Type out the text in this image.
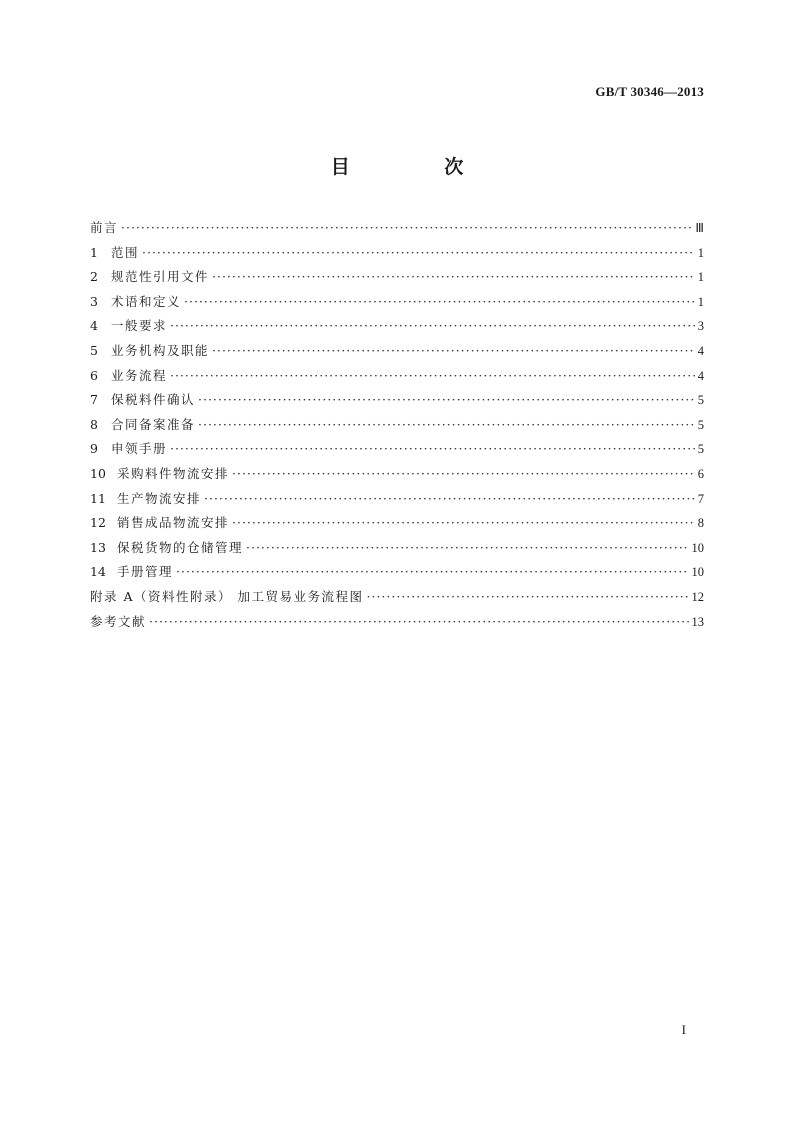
GB/T 30346—2013
目 次
前言 ·····	Ⅲ
1	范围 ·····	1
2	规范性引用文件 ·····	1
3	术语和定义 ·····	1
4	一般要求 ·····	3
5	业务机构及职能 ·····	4
6	业务流程 ·····	4
7	保税料件确认 ·····	5
8	合同备案准备 ·····	5
9	申领手册 ·····	5
10 采购料件物流安排 ·····	6
11 生产物流安排 ·····	7
12 销售成品物流安排 ·····	8
13 保税货物的仓储管理 ·····	10
14 手册管理 ·····	10
附录 A（资料性附录） 加工贸易业务流程图 ·····	12
参考文献 ·····	13
I
